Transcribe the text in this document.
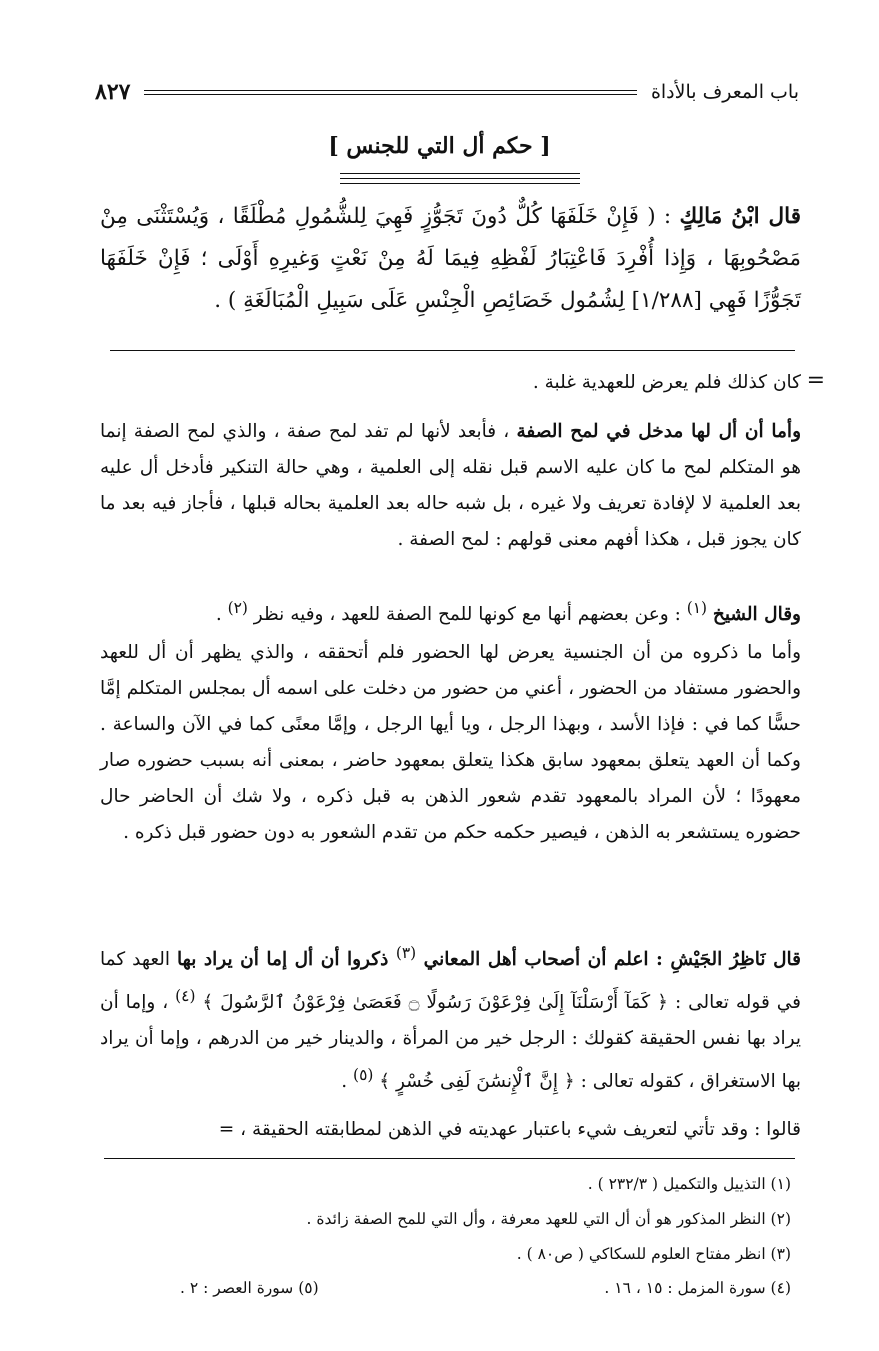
باب المعرف بالأداة
٨٢٧
[ حكم أل التي للجنس ]
قال ابْنُ مَالِكٍ : ( فَإِنْ خَلَفَهَا كُلٌّ دُونَ تَجَوُّزٍ فَهِيَ لِلشُّمُولِ مُطْلَقًا ، وَيُسْتَثْنَى مِنْ مَصْحُوبِهَا ، وَإِذا أُفْرِدَ فَاعْتِبَارُ لَفْظِهِ فِيمَا لَهُ مِنْ نَعْتٍ وَغيرِهِ أَوْلَى ؛ فَإِنْ خَلَفَهَا تَجَوُّزًا فَهِي [١/٢٨٨] لِشُمُول خَصَائِصِ الْجِنْسِ عَلَى سَبِيلِ الْمُبَالَغَةِ ) .
=
كان كذلك فلم يعرض للعهدية غلبة .
وأما أن أل لها مدخل في لمح الصفة ، فأبعد لأنها لم تفد لمح صفة ، والذي لمح الصفة إنما هو المتكلم لمح ما كان عليه الاسم قبل نقله إلى العلمية ، وهي حالة التنكير فأدخل أل عليه بعد العلمية لا لإفادة تعريف ولا غيره ، بل شبه حاله بعد العلمية بحاله قبلها ، فأجاز فيه بعد ما كان يجوز قبل ، هكذا أفهم معنى قولهم : لمح الصفة .
وقال الشيخ $^{(١)}$ : وعن بعضهم أنها مع كونها للمح الصفة للعهد ، وفيه نظر $^{(٢)}$ .
وأما ما ذكروه من أن الجنسية يعرض لها الحضور فلم أتحققه ، والذي يظهر أن أل للعهد والحضور مستفاد من الحضور ، أعني من حضور من دخلت على اسمه أل بمجلس المتكلم إمَّا حسًّا كما في : فإذا الأسد ، وبهذا الرجل ، ويا أيها الرجل ، وإمَّا معنًى كما في الآن والساعة . وكما أن العهد يتعلق بمعهود سابق هكذا يتعلق بمعهود حاضر ، بمعنى أنه بسبب حضوره صار معهودًا ؛ لأن المراد بالمعهود تقدم شعور الذهن به قبل ذكره ، ولا شك أن الحاضر حال حضوره يستشعر به الذهن ، فيصير حكمه حكم من تقدم الشعور به دون حضور قبل ذكره .
قال نَاظِرُ الجَيْشِ : اعلم أن أصحاب أهل المعاني $^{(٣)}$ ذكروا أن أل إما أن يراد بها العهد كما في قوله تعالى : ﴿ كَمَآ أَرْسَلْنَآ إِلَىٰ فِرْعَوْنَ رَسُولًا ۝ فَعَصَىٰ فِرْعَوْنُ ٱلرَّسُولَ ﴾ $^{(٤)}$ ، وإما أن يراد بها نفس الحقيقة كقولك : الرجل خير من المرأة ، والدينار خير من الدرهم ، وإما أن يراد بها الاستغراق ، كقوله تعالى : ﴿ إِنَّ ٱلْإِنسَٰنَ لَفِى خُسْرٍ ﴾ $^{(٥)}$ .
قالوا : وقد تأتي لتعريف شيء باعتبار عهديته في الذهن لمطابقته الحقيقة ، =
(١) التذييل والتكميل ( ٢٣٢/٣ ) .
(٢) النظر المذكور هو أن أل التي للعهد معرفة ، وأل التي للمح الصفة زائدة .
(٣) انظر مفتاح العلوم للسكاكي ( ص٨٠ ) .
(٤) سورة المزمل : ١٥ ، ١٦ .
(٥) سورة العصر : ٢ .
